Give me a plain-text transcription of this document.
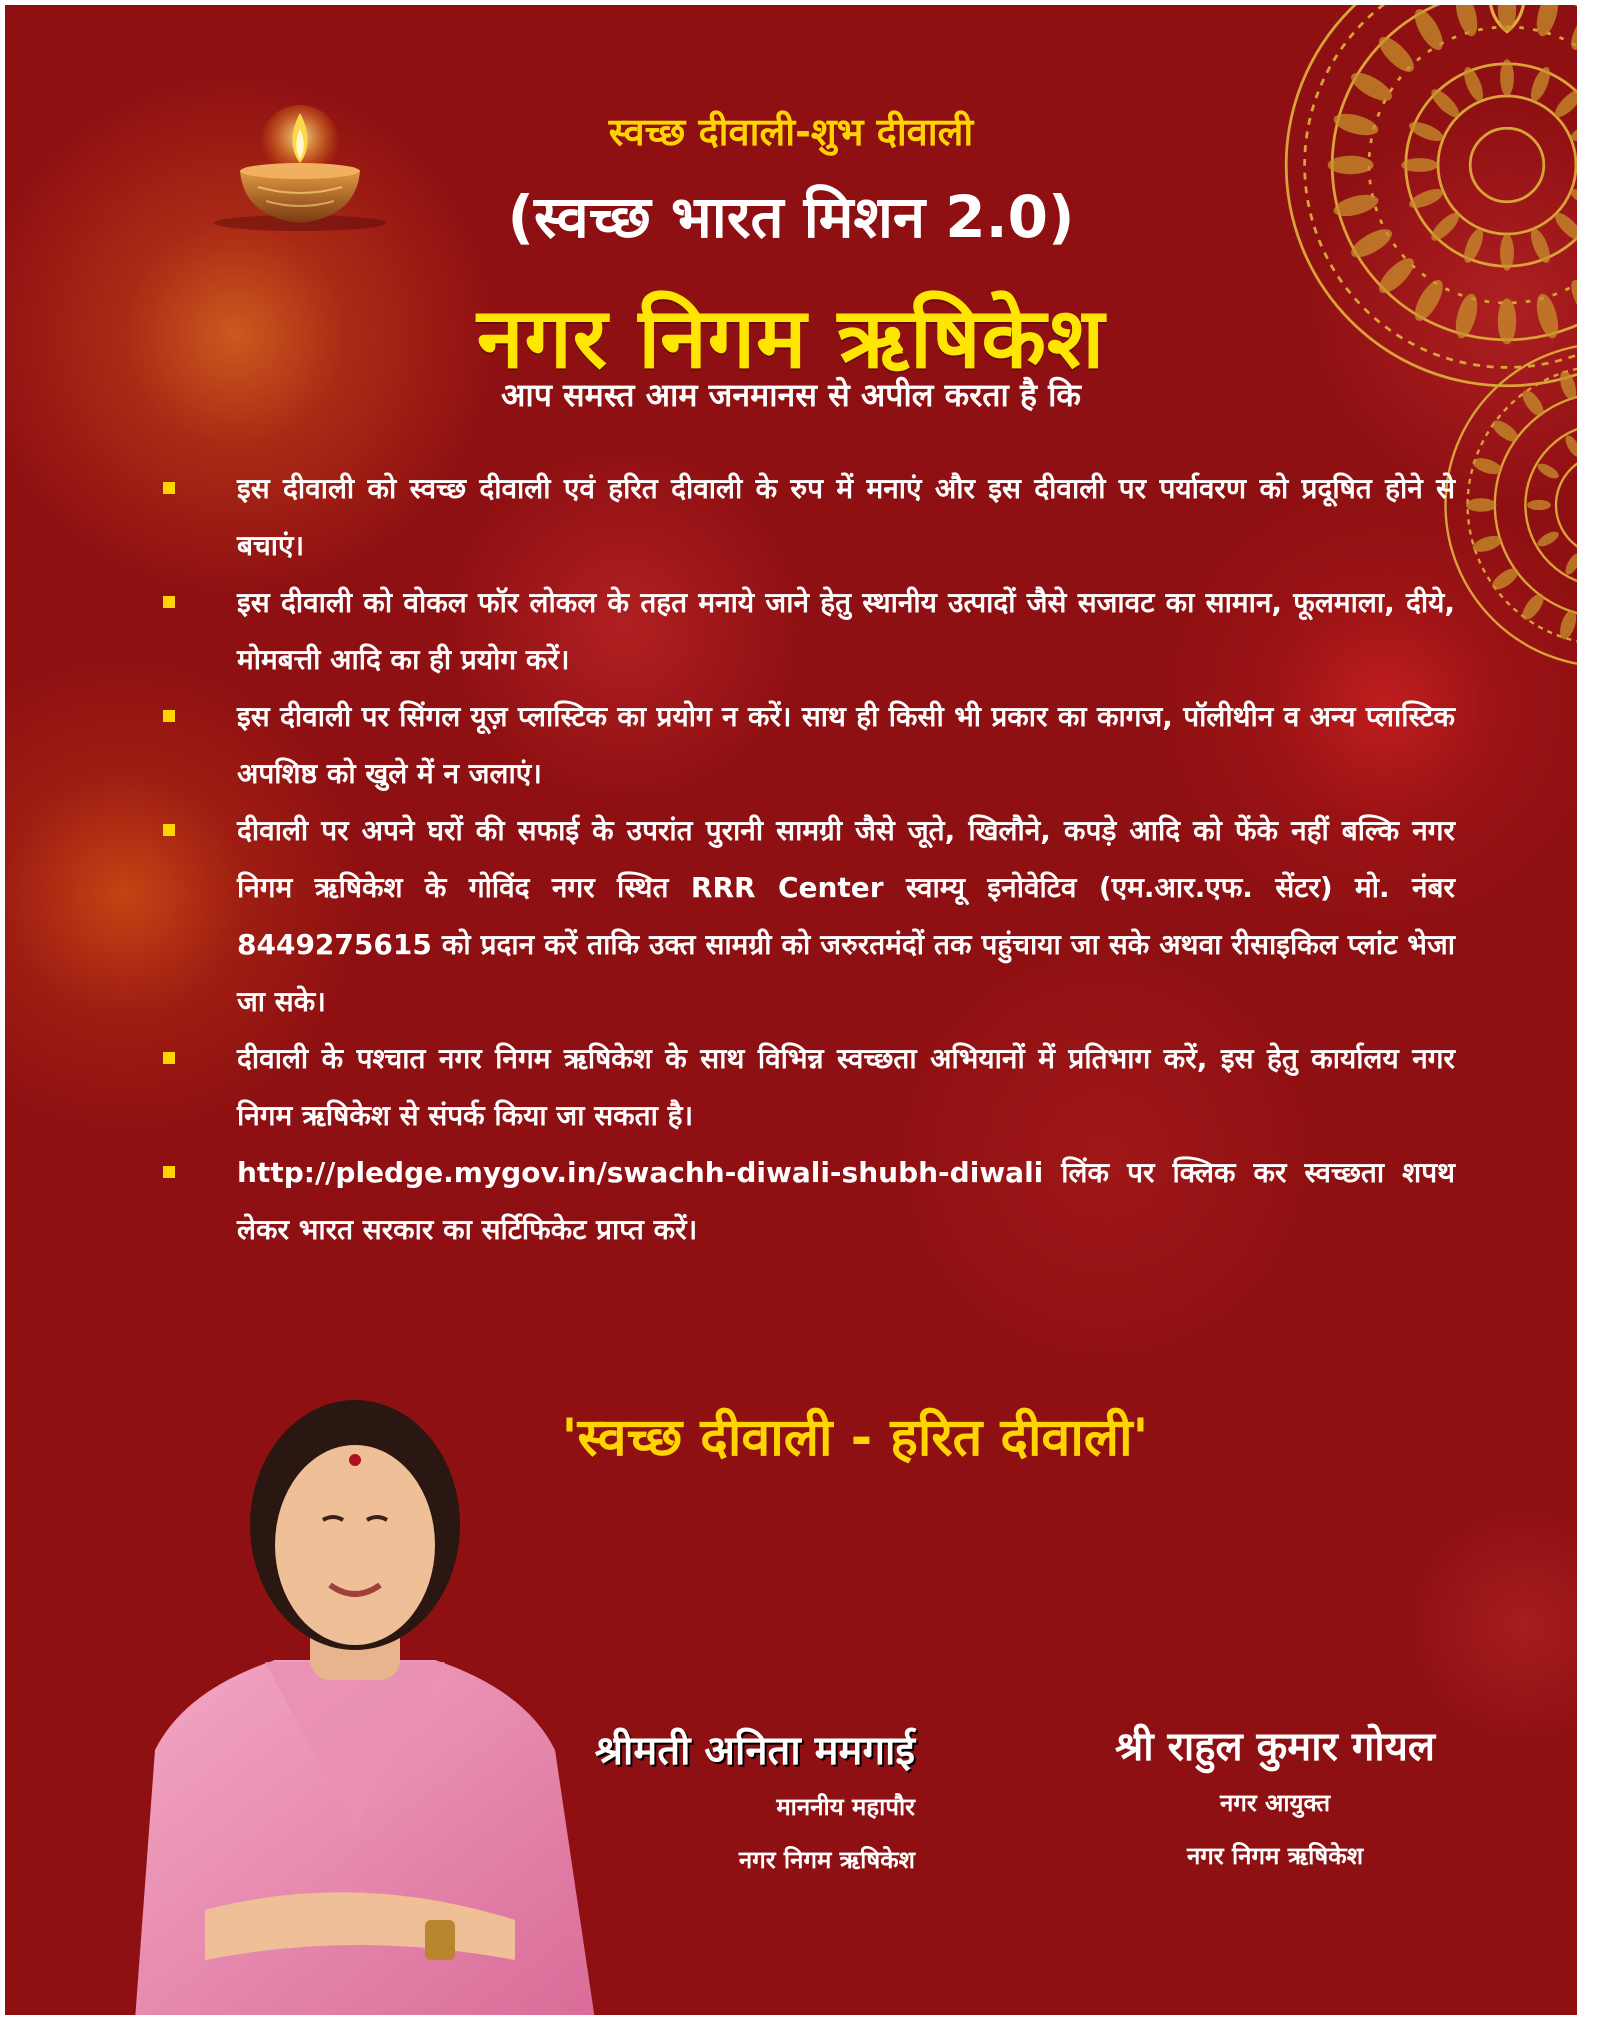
स्वच्छ दीवाली-शुभ दीवाली
(स्वच्छ भारत मिशन 2.0)
नगर निगम ऋषिकेश
आप समस्त आम जनमानस से अपील करता है कि
इस दीवाली को स्वच्छ दीवाली एवं हरित दीवाली के रुप में मनाएं और इस दीवाली पर पर्यावरण को प्रदूषित होने से बचाएं।
इस दीवाली को वोकल फॉर लोकल के तहत मनाये जाने हेतु स्थानीय उत्पादों जैसे सजावट का सामान, फूलमाला, दीये, मोमबत्ती आदि का ही प्रयोग करें।
इस दीवाली पर सिंगल यूज़ प्लास्टिक का प्रयोग न करें। साथ ही किसी भी प्रकार का कागज, पॉलीथीन व अन्य प्लास्टिक अपशिष्ठ को खुले में न जलाएं।
दीवाली पर अपने घरों की सफाई के उपरांत पुरानी सामग्री जैसे जूते, खिलौने, कपड़े आदि को फेंके नहीं बल्कि नगर निगम ऋषिकेश के गोविंद नगर स्थित RRR Center स्वाम्यू इनोवेटिव (एम.आर.एफ. सेंटर) मो. नंबर 8449275615 को प्रदान करें ताकि उक्त सामग्री को जरुरतमंदों तक पहुंचाया जा सके अथवा रीसाइकिल प्लांट भेजा जा सके।
दीवाली के पश्चात नगर निगम ऋषिकेश के साथ विभिन्न स्वच्छता अभियानों में प्रतिभाग करें, इस हेतु कार्यालय नगर निगम ऋषिकेश से संपर्क किया जा सकता है।
http://pledge.mygov.in/swachh-diwali-shubh-diwali लिंक पर क्लिक कर स्वच्छता शपथ लेकर भारत सरकार का सर्टिफिकेट प्राप्त करें।
'स्वच्छ दीवाली - हरित दीवाली'
श्रीमती अनिता ममगाई
माननीय महापौर
नगर निगम ऋषिकेश
श्री राहुल कुमार गोयल
नगर आयुक्त
नगर निगम ऋषिकेश
